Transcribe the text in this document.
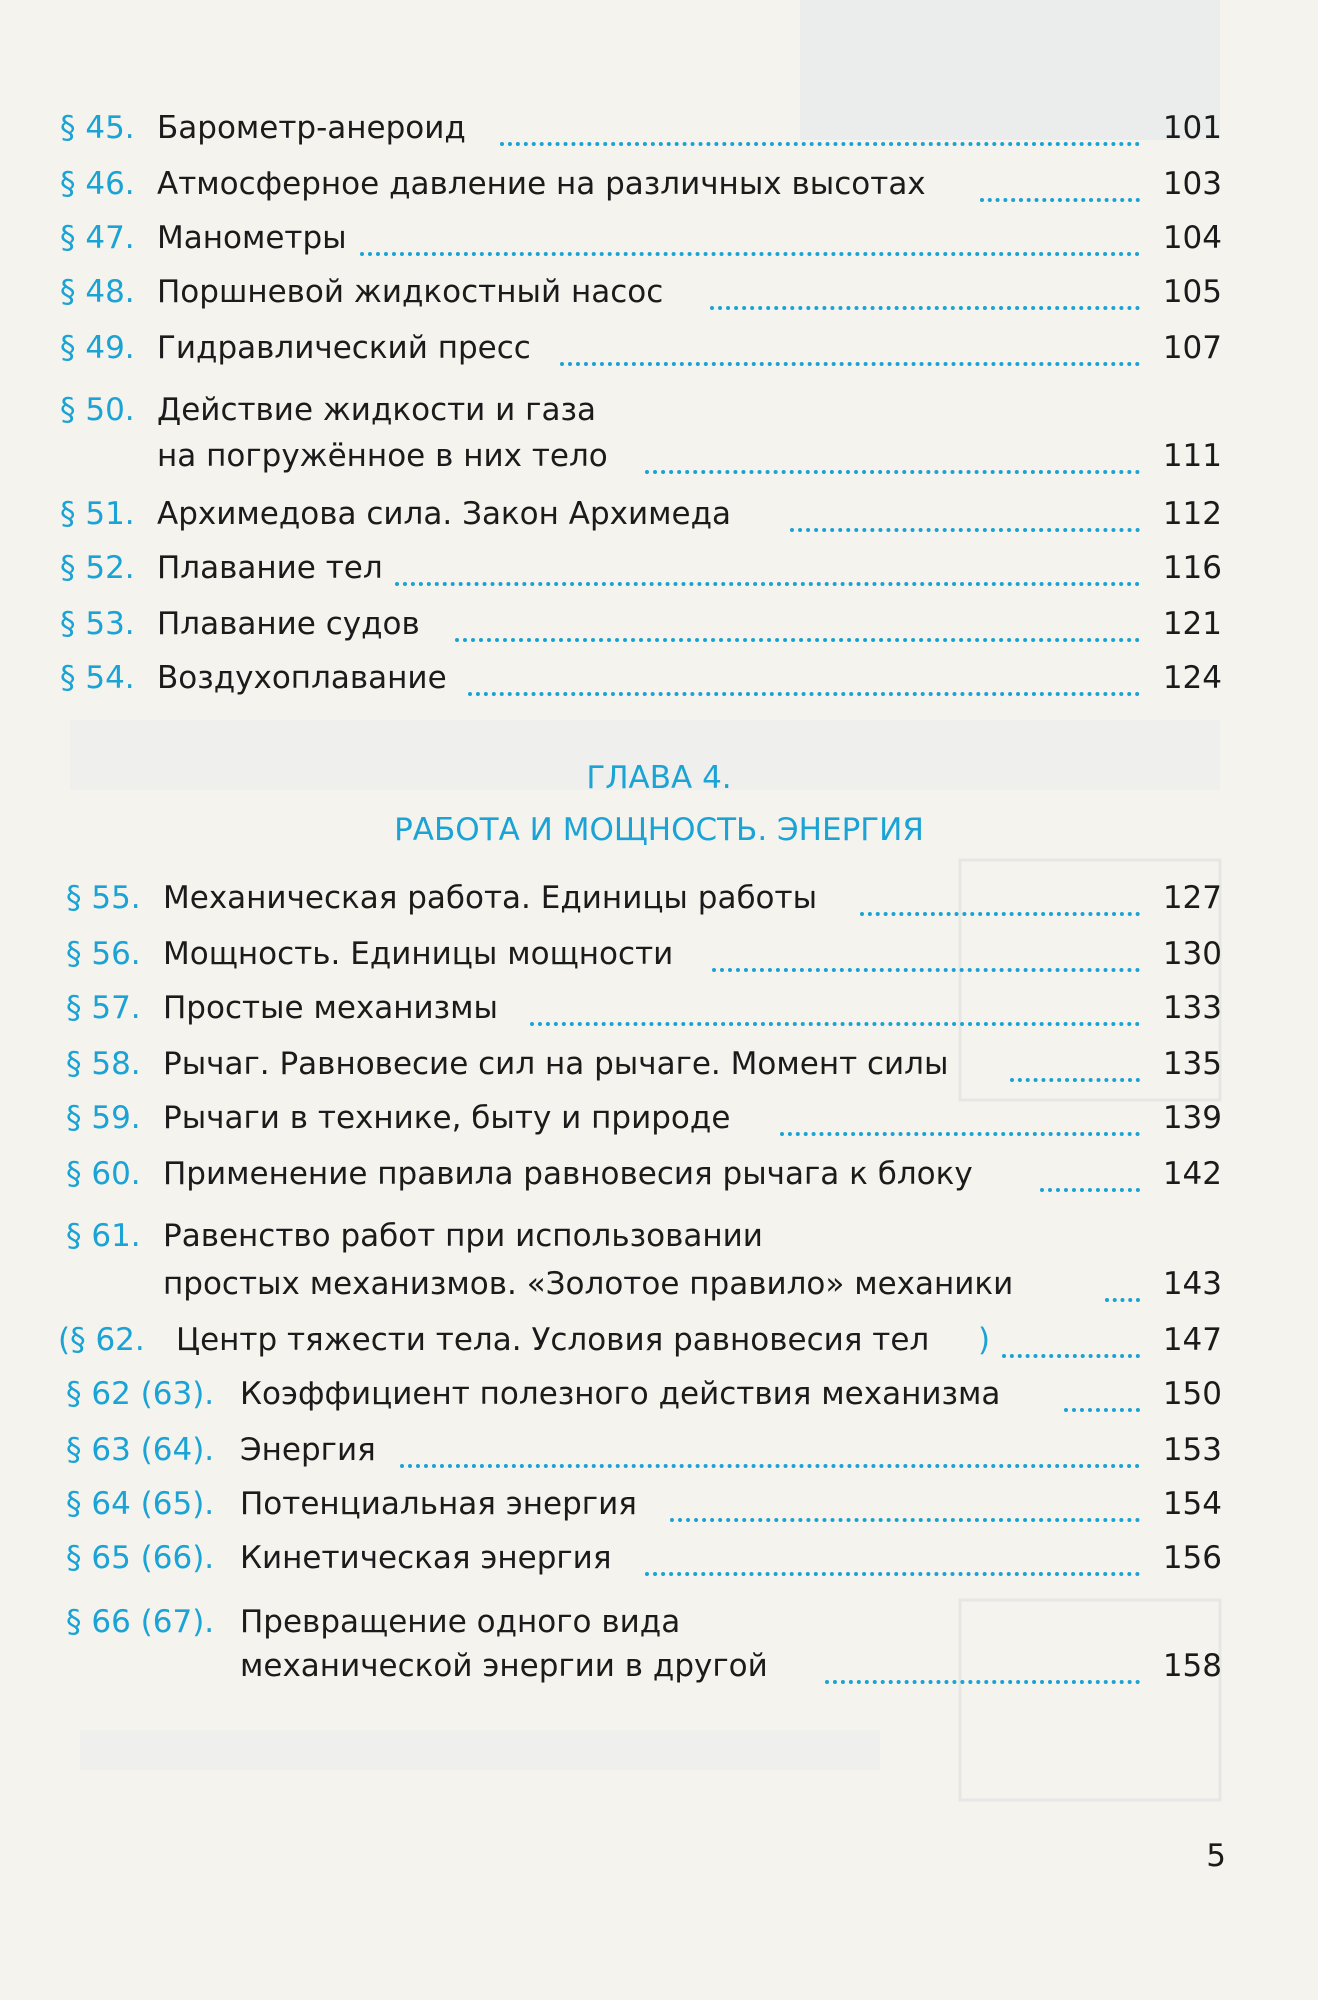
§ 45. Барометр-анероид	101
§ 46. Атмосферное давление на различных высотах	103
§ 47. Манометры	104
§ 48. Поршневой жидкостный насос	105
§ 49. Гидравлический пресс	107
§ 50. Действие жидкости и газа
на погружённое в них тело	111
§ 51. Архимедова сила. Закон Архимеда	112
§ 52. Плавание тел	116
§ 53. Плавание судов	121
§ 54. Воздухоплавание	124
ГЛАВА 4.
РАБОТА И МОЩНОСТЬ. ЭНЕРГИЯ
§ 55. Механическая работа. Единицы работы	127
§ 56. Мощность. Единицы мощности	130
§ 57. Простые механизмы	133
§ 58. Рычаг. Равновесие сил на рычаге. Момент силы	135
§ 59. Рычаги в технике, быту и природе	139
§ 60. Применение правила равновесия рычага к блоку	142
§ 61. Равенство работ при использовании
простых механизмов. «Золотое правило» механики	143
(§ 62. Центр тяжести тела. Условия равновесия тел )	147
§ 62 (63). Коэффициент полезного действия механизма	150
§ 63 (64). Энергия	153
§ 64 (65). Потенциальная энергия	154
§ 65 (66). Кинетическая энергия	156
§ 66 (67). Превращение одного вида
механической энергии в другой	158
5
